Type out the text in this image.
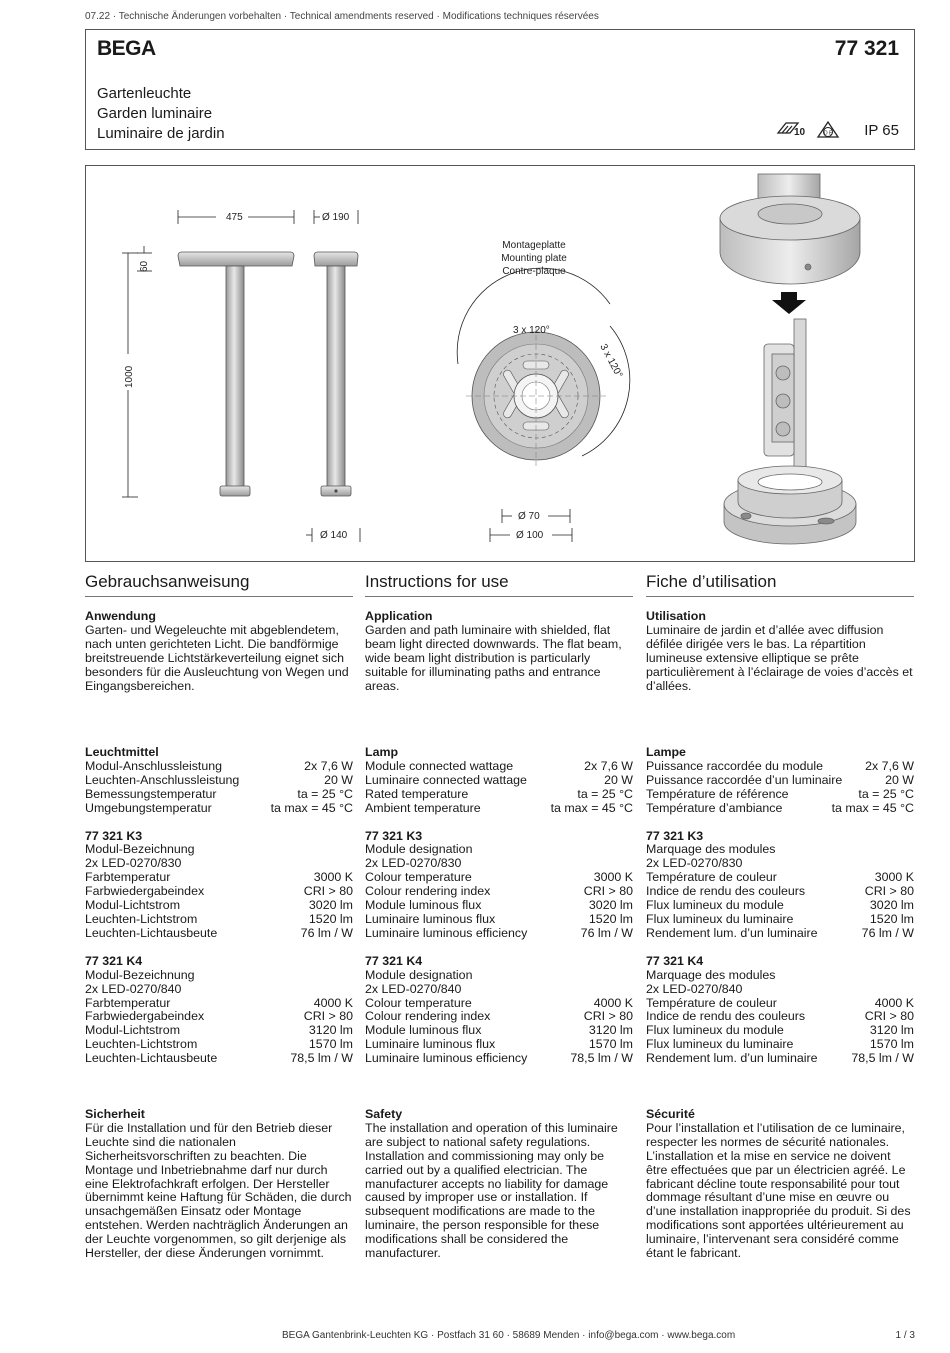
07.22 · Technische Änderungen vorbehalten · Technical amendments reserved · Modifications techniques réservées
BEGA	77 321
Gartenleuchte
Garden luminaire
Luminaire de jardin	10	D E IP 65
475	Ø 190
60
1000
Ø 140
Montageplatte
Mounting plate
Contre-plaque
3 x 120°
3 x 120°
Ø 70
Ø 100
Gebrauchsanweisung	Instructions for use	Fiche d’utilisation
Anwendung

Garten- und Wegeleuchte mit abgeblendetem, nach unten gerichteten Licht. Die bandförmige breitstreuende Lichtstärkeverteilung eignet sich besonders für die Ausleuchtung von Wegen und Eingangsbereichen.

Application

Garden and path luminaire with shielded, flat beam light directed downwards. The flat beam, wide beam light distribution is particularly suitable for illuminating paths and entrance areas.

Utilisation

Luminaire de jardin et d’allée avec diffusion défilée dirigée vers le bas. La répartition lumineuse extensive elliptique se prête particulièrement à l’éclairage de voies d’accès et d’allées.

Leuchtmittel
Modul-Anschlussleistung	2x 7,6 W
Leuchten-Anschlussleistung	20 W
Bemessungstemperatur	ta = 25 °C
Umgebungstemperatur	ta max = 45 °C
77 321 K3

Modul-Bezeichnung

2x LED-0270/830

Farbtemperatur	3000 K
Farbwiedergabeindex	CRI > 80
Modul-Lichtstrom	3020 lm
Leuchten-Lichtstrom	1520 lm
Leuchten-Lichtausbeute	76 lm / W
77 321 K4

Modul-Bezeichnung

2x LED-0270/840

Farbtemperatur	4000 K
Farbwiedergabeindex	CRI > 80
Modul-Lichtstrom	3120 lm
Leuchten-Lichtstrom	1570 lm
Leuchten-Lichtausbeute	78,5 lm / W
Lamp
Module connected wattage	2x 7,6 W
Luminaire connected wattage	20 W
Rated temperature	ta = 25 °C
Ambient temperature	ta max = 45 °C
77 321 K3

Module designation

2x LED-0270/830

Colour temperature	3000 K
Colour rendering index	CRI > 80
Module luminous flux	3020 lm
Luminaire luminous flux	1520 lm
Luminaire luminous efficiency	76 lm / W
77 321 K4

Module designation

2x LED-0270/840

Colour temperature	4000 K
Colour rendering index	CRI > 80
Module luminous flux	3120 lm
Luminaire luminous flux	1570 lm
Luminaire luminous efficiency	78,5 lm / W
Lampe
Puissance raccordée du module	2x 7,6 W
Puissance raccordée d’un luminaire	20 W
Température de référence	ta = 25 °C
Température d’ambiance	ta max = 45 °C
77 321 K3

Marquage des modules

2x LED-0270/830

Température de couleur	3000 K
Indice de rendu des couleurs	CRI > 80
Flux lumineux du module	3020 lm
Flux lumineux du luminaire	1520 lm
Rendement lum. d’un luminaire	76 lm / W
77 321 K4

Marquage des modules

2x LED-0270/840

Température de couleur	4000 K
Indice de rendu des couleurs	CRI > 80
Flux lumineux du module	3120 lm
Flux lumineux du luminaire	1570 lm
Rendement lum. d’un luminaire	78,5 lm / W
Sicherheit

Für die Installation und für den Betrieb dieser Leuchte sind die nationalen Sicherheitsvorschriften zu beachten. Die Montage und Inbetriebnahme darf nur durch eine Elektrofachkraft erfolgen. Der Hersteller übernimmt keine Haftung für Schäden, die durch unsachgemäßen Einsatz oder Montage entstehen. Werden nachträglich Änderungen an der Leuchte vorgenommen, so gilt derjenige als Hersteller, der diese Änderungen vornimmt.

Safety

The installation and operation of this luminaire are subject to national safety regulations. Installation and commissioning may only be carried out by a qualified electrician. The manufacturer accepts no liability for damage caused by improper use or installation. If subsequent modifications are made to the luminaire, the person responsible for these modifications shall be considered the manufacturer.

Sécurité

Pour l’installation et l’utilisation de ce luminaire, respecter les normes de sécurité nationales. L’installation et la mise en service ne doivent être effectuées que par un électricien agréé. Le fabricant décline toute responsabilité pour tout dommage résultant d’une mise en œuvre ou d’une installation inappropriée du produit. Si des modifications sont apportées ultérieurement au luminaire, l’intervenant sera considéré comme étant le fabricant.

BEGA Gantenbrink-Leuchten KG · Postfach 31 60 · 58689 Menden · info@bega.com · www.bega.com	1 / 3
